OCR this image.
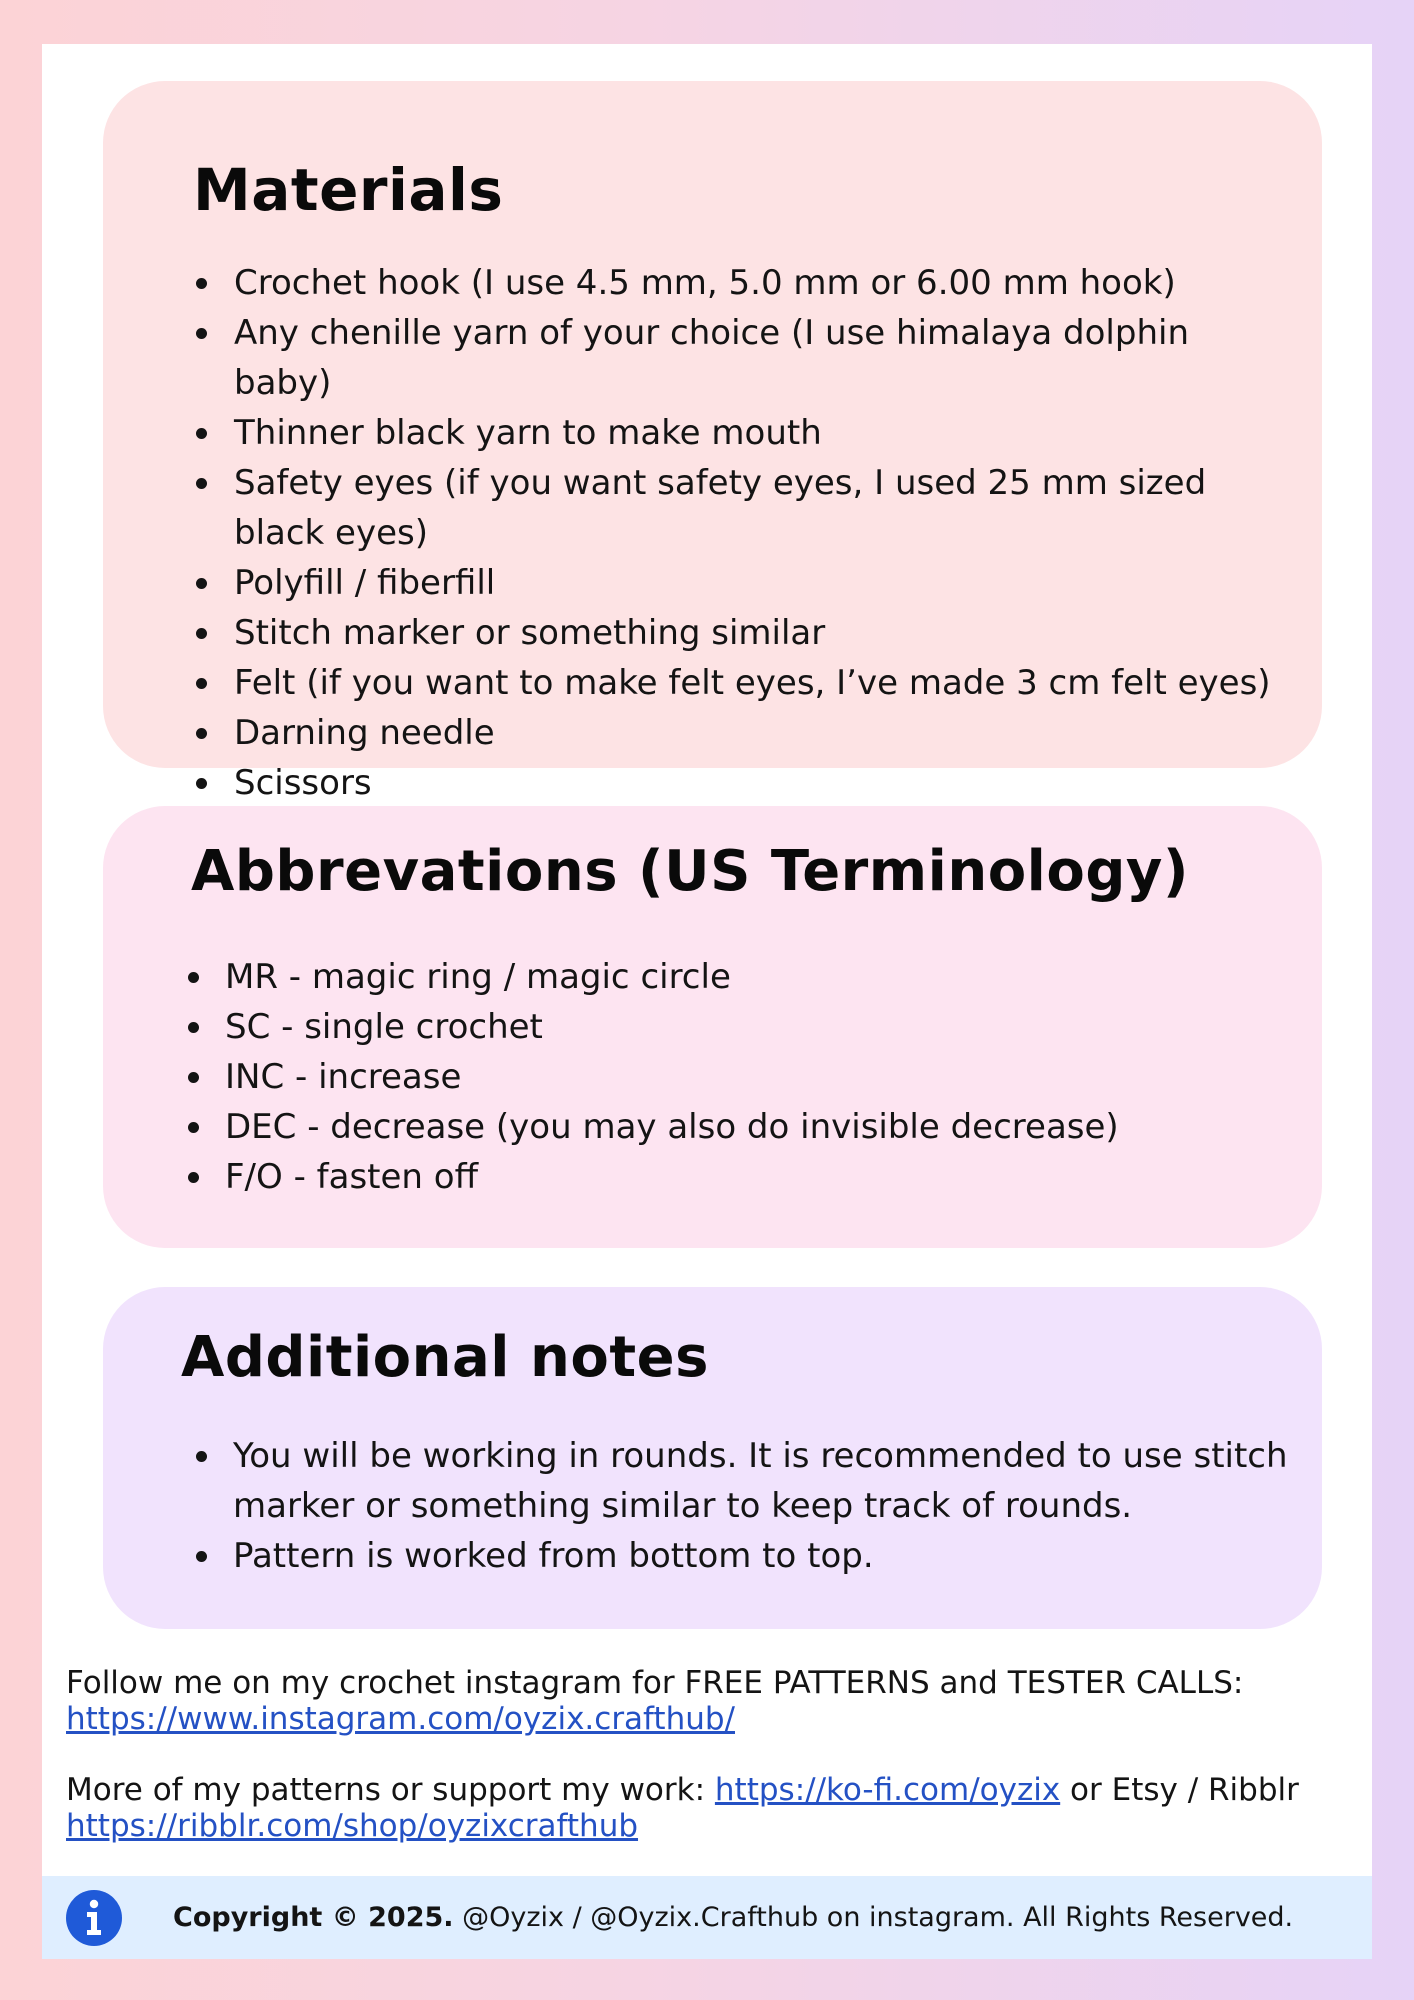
Materials
Crochet hook (I use 4.5 mm, 5.0 mm or 6.00 mm hook)
Any chenille yarn of your choice (I use himalaya dolphin baby)
Thinner black yarn to make mouth
Safety eyes (if you want safety eyes, I used 25 mm sized black eyes)
Polyfill / fiberfill
Stitch marker or something similar
Felt (if you want to make felt eyes, I’ve made 3 cm felt eyes)
Darning needle
Scissors
Abbrevations (US Terminology)
MR - magic ring / magic circle
SC - single crochet
INC - increase
DEC - decrease (you may also do invisible decrease)
F/O - fasten off
Additional notes
You will be working in rounds. It is recommended to use stitch marker or something similar to keep track of rounds.
Pattern is worked from bottom to top.
Follow me on my crochet instagram for FREE PATTERNS and TESTER CALLS:
https://www.instagram.com/oyzix.crafthub/
More of my patterns or support my work: https://ko-fi.com/oyzix or Etsy / Ribblr
https://ribblr.com/shop/oyzixcrafthub
Copyright © 2025. @Oyzix / @Oyzix.Crafthub on instagram. All Rights Reserved.
